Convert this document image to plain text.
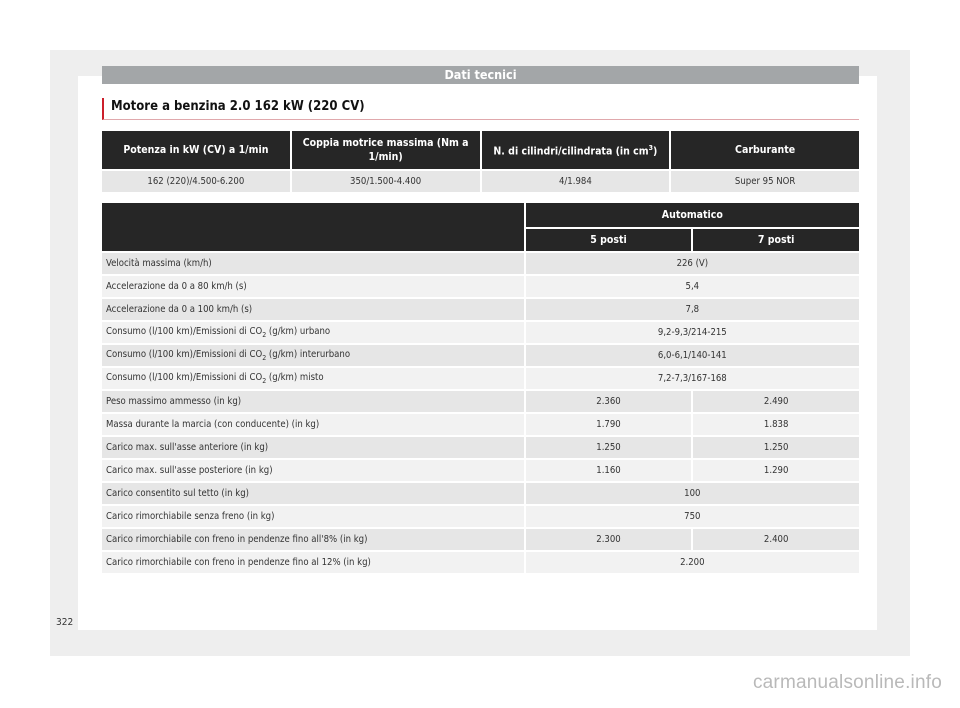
Dati tecnici
Motore a benzina 2.0 162 kW (220 CV)
Potenza in kW (CV) a 1/min	Coppia motrice massima (Nm a 1/min)	N. di cilindri/cilindrata (in $cm^3$)	Carburante
162 (220)/4.500-6.200	350/1.500-4.400	4/1.984	Super 95 NOR
	Automatico	
	5 posti	7 posti
Velocità massima (km/h)	226 (V)	
Accelerazione da 0 a 80 km/h (s)	5,4	
Accelerazione da 0 a 100 km/h (s)	7,8	
Consumo (l/100 km)/Emissioni di $CO_2$ (g/km) urbano	9,2-9,3/214-215	
Consumo (l/100 km)/Emissioni di $CO_2$ (g/km) interurbano	6,0-6,1/140-141	
Consumo (l/100 km)/Emissioni di $CO_2$ (g/km) misto	7,2-7,3/167-168	
Peso massimo ammesso (in kg)	2.360	2.490
Massa durante la marcia (con conducente) (in kg)	1.790	1.838
Carico max. sull'asse anteriore (in kg)	1.250	1.250
Carico max. sull'asse posteriore (in kg)	1.160	1.290
Carico consentito sul tetto (in kg)	100	
Carico rimorchiabile senza freno (in kg)	750	
Carico rimorchiabile con freno in pendenze fino all'8% (in kg)	2.300	2.400
Carico rimorchiabile con freno in pendenze fino al 12% (in kg)	2.200	
322
carmanualsonline.info
